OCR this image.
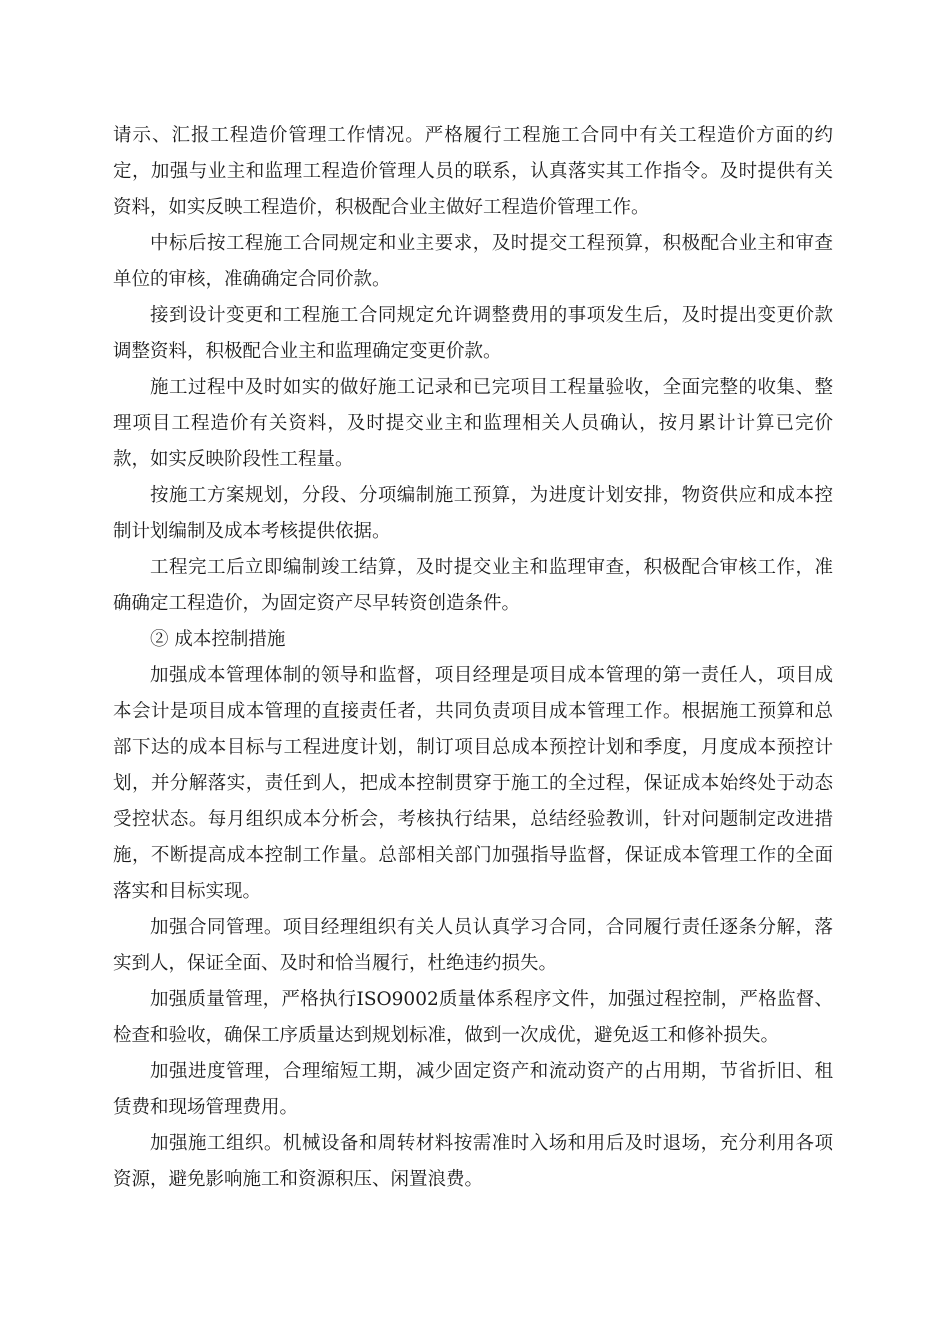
请示、汇报工程造价管理工作情况。严格履行工程施工合同中有关工程造价方面的约定，加强与业主和监理工程造价管理人员的联系，认真落实其工作指令。及时提供有关资料，如实反映工程造价，积极配合业主做好工程造价管理工作。

中标后按工程施工合同规定和业主要求，及时提交工程预算，积极配合业主和审查单位的审核，准确确定合同价款。

接到设计变更和工程施工合同规定允许调整费用的事项发生后，及时提出变更价款调整资料，积极配合业主和监理确定变更价款。

施工过程中及时如实的做好施工记录和已完项目工程量验收，全面完整的收集、整理项目工程造价有关资料，及时提交业主和监理相关人员确认，按月累计计算已完价款，如实反映阶段性工程量。

按施工方案规划，分段、分项编制施工预算，为进度计划安排，物资供应和成本控制计划编制及成本考核提供依据。

工程完工后立即编制竣工结算，及时提交业主和监理审查，积极配合审核工作，准确确定工程造价，为固定资产尽早转资创造条件。

② 成本控制措施

加强成本管理体制的领导和监督，项目经理是项目成本管理的第一责任人，项目成本会计是项目成本管理的直接责任者，共同负责项目成本管理工作。根据施工预算和总部下达的成本目标与工程进度计划，制订项目总成本预控计划和季度，月度成本预控计划，并分解落实，责任到人，把成本控制贯穿于施工的全过程，保证成本始终处于动态受控状态。每月组织成本分析会，考核执行结果，总结经验教训，针对问题制定改进措施，不断提高成本控制工作量。总部相关部门加强指导监督，保证成本管理工作的全面落实和目标实现。

加强合同管理。项目经理组织有关人员认真学习合同，合同履行责任逐条分解，落实到人，保证全面、及时和恰当履行，杜绝违约损失。

加强质量管理，严格执行ISO9002质量体系程序文件，加强过程控制，严格监督、检查和验收，确保工序质量达到规划标准，做到一次成优，避免返工和修补损失。

加强进度管理，合理缩短工期，减少固定资产和流动资产的占用期，节省折旧、租赁费和现场管理费用。

加强施工组织。机械设备和周转材料按需准时入场和用后及时退场，充分利用各项资源，避免影响施工和资源积压、闲置浪费。
